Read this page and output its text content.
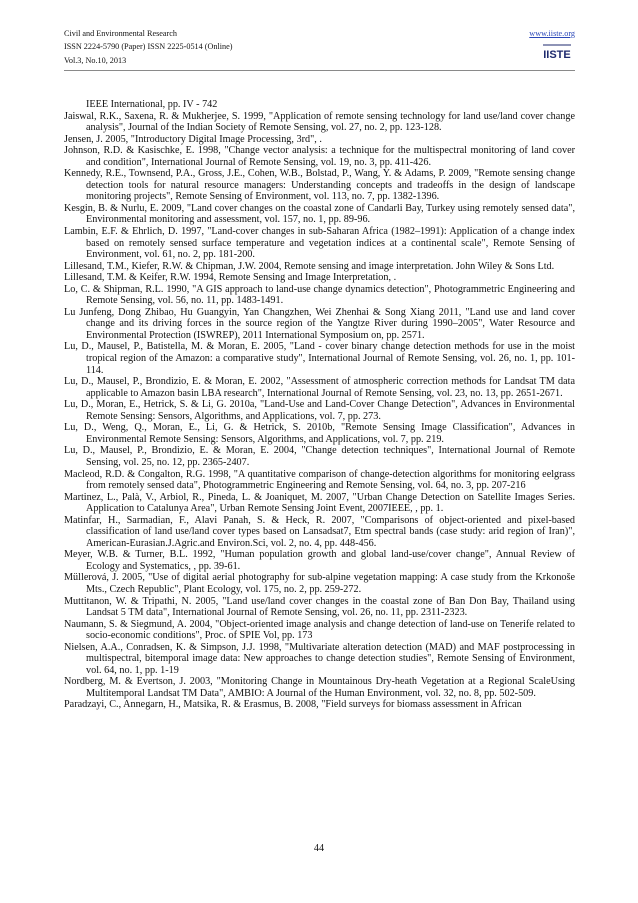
Civil and Environmental Research	www.iiste.org
ISSN 2224-5790 (Paper) ISSN 2225-0514 (Online)
Vol.3, No.10, 2013	IISTE
IEEE International, pp. IV - 742
Jaiswal, R.K., Saxena, R. & Mukherjee, S. 1999, "Application of remote sensing technology for land use/land cover change analysis", Journal of the Indian Society of Remote Sensing, vol. 27, no. 2, pp. 123-128.
Jensen, J. 2005, "Introductory Digital Image Processing, 3rd", .
Johnson, R.D. & Kasischke, E. 1998, "Change vector analysis: a technique for the multispectral monitoring of land cover and condition", International Journal of Remote Sensing, vol. 19, no. 3, pp. 411-426.
Kennedy, R.E., Townsend, P.A., Gross, J.E., Cohen, W.B., Bolstad, P., Wang, Y. & Adams, P. 2009, "Remote sensing change detection tools for natural resource managers: Understanding concepts and tradeoffs in the design of landscape monitoring projects", Remote Sensing of Environment, vol. 113, no. 7, pp. 1382-1396.
Kesgin, B. & Nurlu, E. 2009, "Land cover changes on the coastal zone of Candarli Bay, Turkey using remotely sensed data", Environmental monitoring and assessment, vol. 157, no. 1, pp. 89-96.
Lambin, E.F. & Ehrlich, D. 1997, "Land-cover changes in sub-Saharan Africa (1982–1991): Application of a change index based on remotely sensed surface temperature and vegetation indices at a continental scale", Remote Sensing of Environment, vol. 61, no. 2, pp. 181-200.
Lillesand, T.M., Kiefer, R.W. & Chipman, J.W. 2004, Remote sensing and image interpretation. John Wiley & Sons Ltd.
Lillesand, T.M. & Keifer, R.W. 1994, Remote Sensing and Image Interpretation, .
Lo, C. & Shipman, R.L. 1990, "A GIS approach to land-use change dynamics detection", Photogrammetric Engineering and Remote Sensing, vol. 56, no. 11, pp. 1483-1491.
Lu Junfeng, Dong Zhibao, Hu Guangyin, Yan Changzhen, Wei Zhenhai & Song Xiang 2011, "Land use and land cover change and its driving forces in the source region of the Yangtze River during 1990–2005", Water Resource and Environmental Protection (ISWREP), 2011 International Symposium on, pp. 2571.
Lu, D., Mausel, P., Batistella, M. & Moran, E. 2005, "Land - cover binary change detection methods for use in the moist tropical region of the Amazon: a comparative study", International Journal of Remote Sensing, vol. 26, no. 1, pp. 101-114.
Lu, D., Mausel, P., Brondizio, E. & Moran, E. 2002, "Assessment of atmospheric correction methods for Landsat TM data applicable to Amazon basin LBA research", International Journal of Remote Sensing, vol. 23, no. 13, pp. 2651-2671.
Lu, D., Moran, E., Hetrick, S. & Li, G. 2010a, "Land-Use and Land-Cover Change Detection", Advances in Environmental Remote Sensing: Sensors, Algorithms, and Applications, vol. 7, pp. 273.
Lu, D., Weng, Q., Moran, E., Li, G. & Hetrick, S. 2010b, "Remote Sensing Image Classification", Advances in Environmental Remote Sensing: Sensors, Algorithms, and Applications, vol. 7, pp. 219.
Lu, D., Mausel, P., Brondizio, E. & Moran, E. 2004, "Change detection techniques", International Journal of Remote Sensing, vol. 25, no. 12, pp. 2365-2407.
Macleod, R.D. & Congalton, R.G. 1998, "A quantitative comparison of change-detection algorithms for monitoring eelgrass from remotely sensed data", Photogrammetric Engineering and Remote Sensing, vol. 64, no. 3, pp. 207-216
Martinez, L., Palà, V., Arbiol, R., Pineda, L. & Joaniquet, M. 2007, "Urban Change Detection on Satellite Images Series. Application to Catalunya Area", Urban Remote Sensing Joint Event, 2007IEEE, , pp. 1.
Matinfar, H., Sarmadian, F., Alavi Panah, S. & Heck, R. 2007, "Comparisons of object-oriented and pixel-based classification of land use/land cover types based on Lansadsat7, Etm spectral bands (case study: arid region of Iran)", American-Eurasian.J.Agric.and Environ.Sci, vol. 2, no. 4, pp. 448-456.
Meyer, W.B. & Turner, B.L. 1992, "Human population growth and global land-use/cover change", Annual Review of Ecology and Systematics, , pp. 39-61.
Müllerová, J. 2005, "Use of digital aerial photography for sub-alpine vegetation mapping: A case study from the Krkonoše Mts., Czech Republic", Plant Ecology, vol. 175, no. 2, pp. 259-272.
Muttitanon, W. & Tripathi, N. 2005, "Land use/land cover changes in the coastal zone of Ban Don Bay, Thailand using Landsat 5 TM data", International Journal of Remote Sensing, vol. 26, no. 11, pp. 2311-2323.
Naumann, S. & Siegmund, A. 2004, "Object-oriented image analysis and change detection of land-use on Tenerife related to socio-economic conditions", Proc. of SPIE Vol, pp. 173
Nielsen, A.A., Conradsen, K. & Simpson, J.J. 1998, "Multivariate alteration detection (MAD) and MAF postprocessing in multispectral, bitemporal image data: New approaches to change detection studies", Remote Sensing of Environment, vol. 64, no. 1, pp. 1-19
Nordberg, M. & Evertson, J. 2003, "Monitoring Change in Mountainous Dry-heath Vegetation at a Regional ScaleUsing Multitemporal Landsat TM Data", AMBIO: A Journal of the Human Environment, vol. 32, no. 8, pp. 502-509.
Paradzayi, C., Annegarn, H., Matsika, R. & Erasmus, B. 2008, "Field surveys for biomass assessment in African
44
